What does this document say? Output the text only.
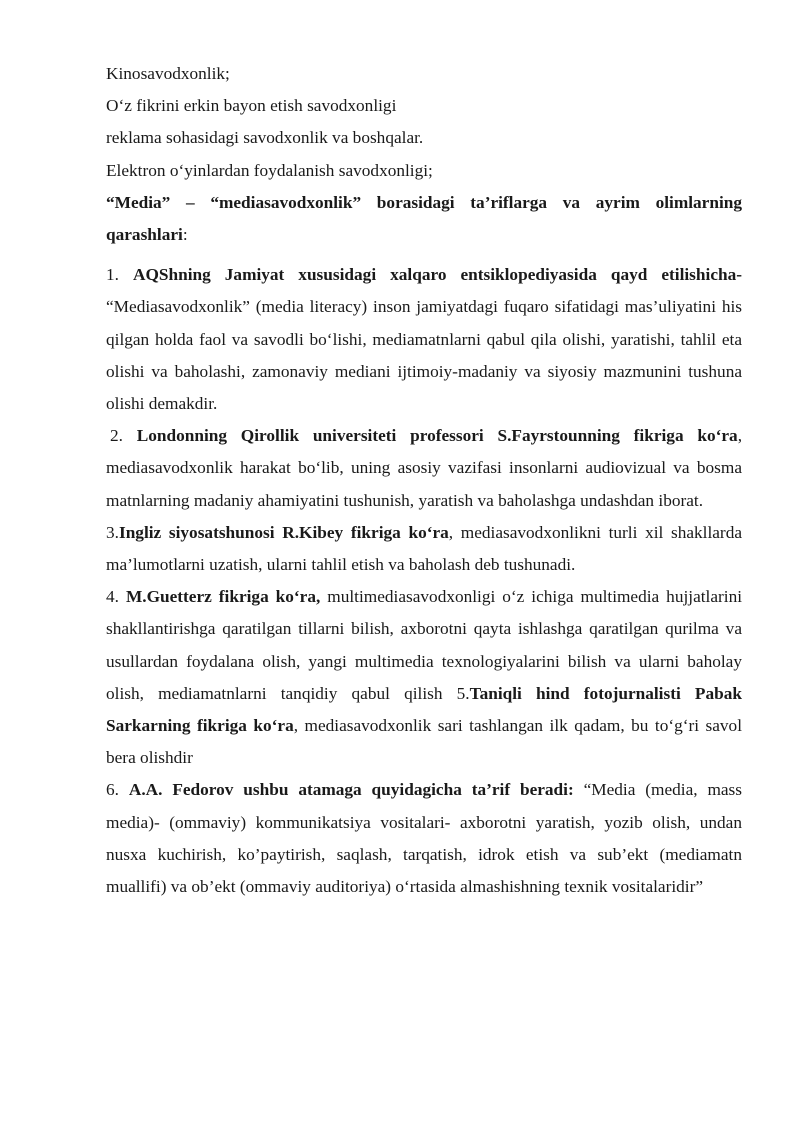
Kinosavodxonlik;
O‘z fikrini erkin bayon etish savodxonligi
reklama sohasidagi savodxonlik va boshqalar.
Elektron o‘yinlardan foydalanish savodxonligi;

“Media” – “mediasavodxonlik” borasidagi ta’riflarga va ayrim olimlarning qarashlari:

1. AQShning Jamiyat xususidagi xalqaro entsiklopediyasida qayd etilishicha- “Mediasavodxonlik” (media literacy) inson jamiyatdagi fuqaro sifatidagi mas’uliyatini his qilgan holda faol va savodli bo‘lishi, mediamatnlarni qabul qila olishi, yaratishi, tahlil eta olishi va baholashi, zamonaviy mediani ijtimoiy-madaniy va siyosiy mazmunini tushuna olishi demakdir.

2. Londonning Qirollik universiteti professori S.Fayrstounning fikriga ko‘ra, mediasavodxonlik harakat bo‘lib, uning asosiy vazifasi insonlarni audiovizual va bosma matnlarning madaniy ahamiyatini tushunish, yaratish va baholashga undashdan iborat.

3.Ingliz siyosatshunosi R.Kibey fikriga ko‘ra, mediasavodxonlikni turli xil shakllarda ma’lumotlarni uzatish, ularni tahlil etish va baholash deb tushunadi.

4. M.Guetterz fikriga ko‘ra, multimediasavodxonligi o‘z ichiga multimedia hujjatlarini shakllantirishga qaratilgan tillarni bilish, axborotni qayta ishlashga qaratilgan qurilma va usullardan foydalana olish, yangi multimedia texnologiyalarini bilish va ularni baholay olish, mediamatnlarni tanqidiy qabul qilish 5.Taniqli hind fotojurnalisti Pabak Sarkarning fikriga ko‘ra, mediasavodxonlik sari tashlangan ilk qadam, bu to‘g‘ri savol bera olishdir

6. A.A. Fedorov ushbu atamaga quyidagicha ta’rif beradi: “Media (media, mass media)- (ommaviy) kommunikatsiya vositalari- axborotni yaratish, yozib olish, undan nusxa kuchirish, ko’paytirish, saqlash, tarqatish, idrok etish va sub’ekt (mediamatn muallifi) va ob’ekt (ommaviy auditoriya) o‘rtasida almashishning texnik vositalaridir”
